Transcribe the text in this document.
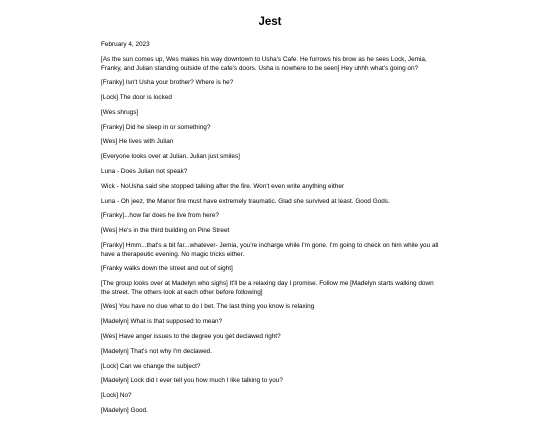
Jest
February 4, 2023
[As the sun comes up, Wes makes his way downtown to Usha's Cafe. He furrows his brow as he sees Lock, Jemia, Franky, and Julian standing outside of the cafe's doors. Usha is nowhere to be seen] Hey uhhh what's going on?
[Franky] Isn't Usha your brother? Where is he?
[Lock] The door is locked
[Wes shrugs]
[Franky] Did he sleep in or something?
[Wes] He lives with Julian
[Everyone looks over at Julian. Julian just smiles]
Luna - Does Julian not speak?
Wick - NoUsha said she stopped talking after the fire. Won't even write anything either
Luna - Oh jeez, the Manor fire must have extremely traumatic. Glad she survived at least. Good Gods.
[Franky]...how far does he live from here?
[Wes] He's in the third building on Pine Street
[Franky] Hmm...that's a bit far...whatever- Jemia, you're incharge while I'm gone. I'm going to check on him while you all have a therapeutic evening. No magic tricks either.
[Franky walks down the street and out of sight]
[The group looks over at Madelyn who sighs] It'll be a relaxing day I promise. Follow me [Madelyn starts walking down the street. The others look at each other before following]
[Wes] You have no clue what to do I bet. The last thing you know is relaxing
[Madelyn] What is that supposed to mean?
[Wes] Have anger issues to the degree you get declawed right?
[Madelyn] That's not why I'm declawed.
[Lock] Can we change the subject?
[Madelyn] Lock did I ever tell you how much I like talking to you?
[Lock] No?
[Madelyn] Good.
